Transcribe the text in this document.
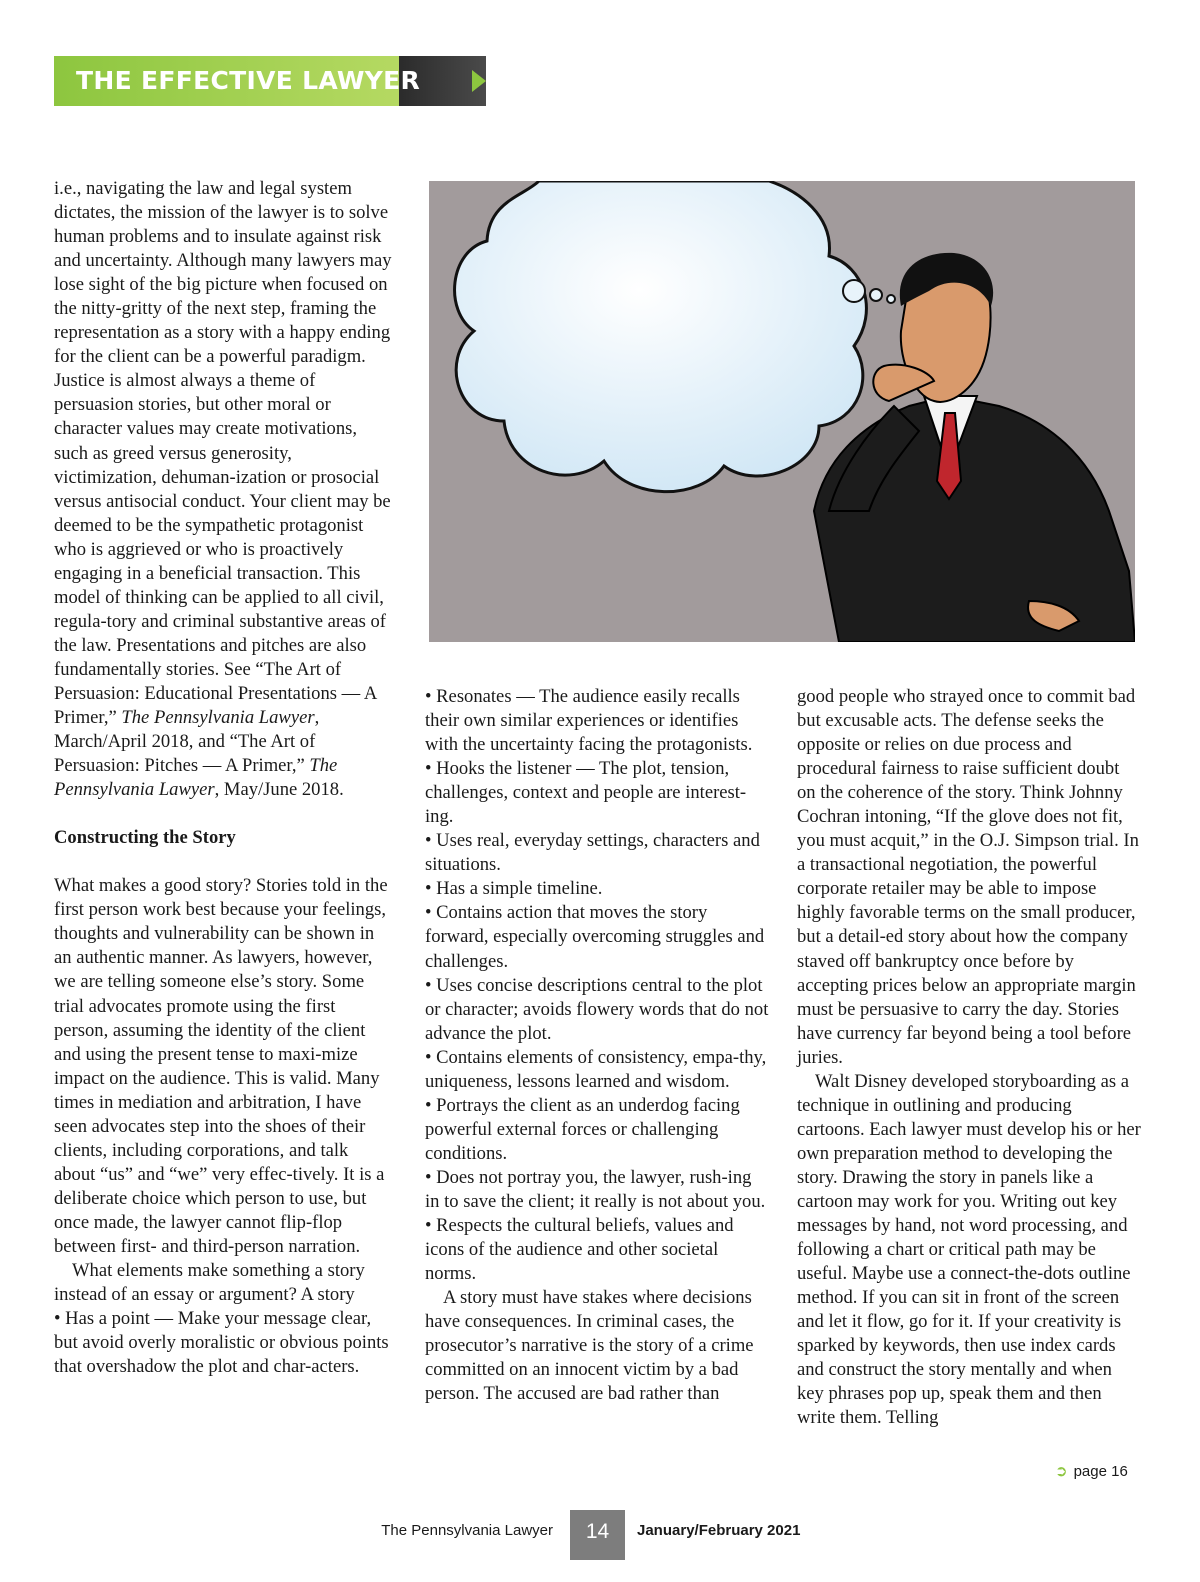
THE EFFECTIVE LAWYER

i.e., navigating the law and legal system dictates, the mission of the lawyer is to solve human problems and to insulate against risk and uncertainty. Although many lawyers may lose sight of the big picture when focused on the nitty-gritty of the next step, framing the representation as a story with a happy ending for the client can be a powerful paradigm. Justice is almost always a theme of persuasion stories, but other moral or character values may create motivations, such as greed versus generosity, victimization, dehuman-ization or prosocial versus antisocial conduct. Your client may be deemed to be the sympathetic protagonist who is aggrieved or who is proactively engaging in a beneficial transaction. This model of thinking can be applied to all civil, regula-tory and criminal substantive areas of the law. Presentations and pitches are also fundamentally stories. See “The Art of Persuasion: Educational Presentations — A Primer,” The Pennsylvania Lawyer, March/April 2018, and “The Art of Persuasion: Pitches — A Primer,” The Pennsylvania Lawyer, May/June 2018.

Constructing the Story

What makes a good story? Stories told in the first person work best because your feelings, thoughts and vulnerability can be shown in an authentic manner. As lawyers, however, we are telling someone else’s story. Some trial advocates promote using the first person, assuming the identity of the client and using the present tense to maxi-mize impact on the audience. This is valid. Many times in mediation and arbitration, I have seen advocates step into the shoes of their clients, including corporations, and talk about “us” and “we” very effec-tively. It is a deliberate choice which person to use, but once made, the lawyer cannot flip-flop between first- and third-person narration.

What elements make something a story instead of an essay or argument? A story

• Has a point — Make your message clear, but avoid overly moralistic or obvious points that overshadow the plot and char-acters.

• Resonates — The audience easily recalls their own similar experiences or identifies with the uncertainty facing the protagonists.

• Hooks the listener — The plot, tension, challenges, context and people are interest-ing.

• Uses real, everyday settings, characters and situations.

• Has a simple timeline.

• Contains action that moves the story forward, especially overcoming struggles and challenges.

• Uses concise descriptions central to the plot or character; avoids flowery words that do not advance the plot.

• Contains elements of consistency, empa-thy, uniqueness, lessons learned and wisdom.

• Portrays the client as an underdog facing powerful external forces or challenging conditions.

• Does not portray you, the lawyer, rush-ing in to save the client; it really is not about you.

• Respects the cultural beliefs, values and icons of the audience and other societal norms.

A story must have stakes where decisions have consequences. In criminal cases, the prosecutor’s narrative is the story of a crime committed on an innocent victim by a bad person. The accused are bad rather than

good people who strayed once to commit bad but excusable acts. The defense seeks the opposite or relies on due process and procedural fairness to raise sufficient doubt on the coherence of the story. Think Johnny Cochran intoning, “If the glove does not fit, you must acquit,” in the O.J. Simpson trial. In a transactional negotiation, the powerful corporate retailer may be able to impose highly favorable terms on the small producer, but a detail-ed story about how the company staved off bankruptcy once before by accepting prices below an appropriate margin must be persuasive to carry the day. Stories have currency far beyond being a tool before juries.

Walt Disney developed storyboarding as a technique in outlining and producing cartoons. Each lawyer must develop his or her own preparation method to developing the story. Drawing the story in panels like a cartoon may work for you. Writing out key messages by hand, not word processing, and following a chart or critical path may be useful. Maybe use a connect-the-dots outline method. If you can sit in front of the screen and let it flow, go for it. If your creativity is sparked by keywords, then use index cards and construct the story mentally and when key phrases pop up, speak them and then write them. Telling

➲ page 16
The Pennsylvania Lawyer	14	January/February 2021
